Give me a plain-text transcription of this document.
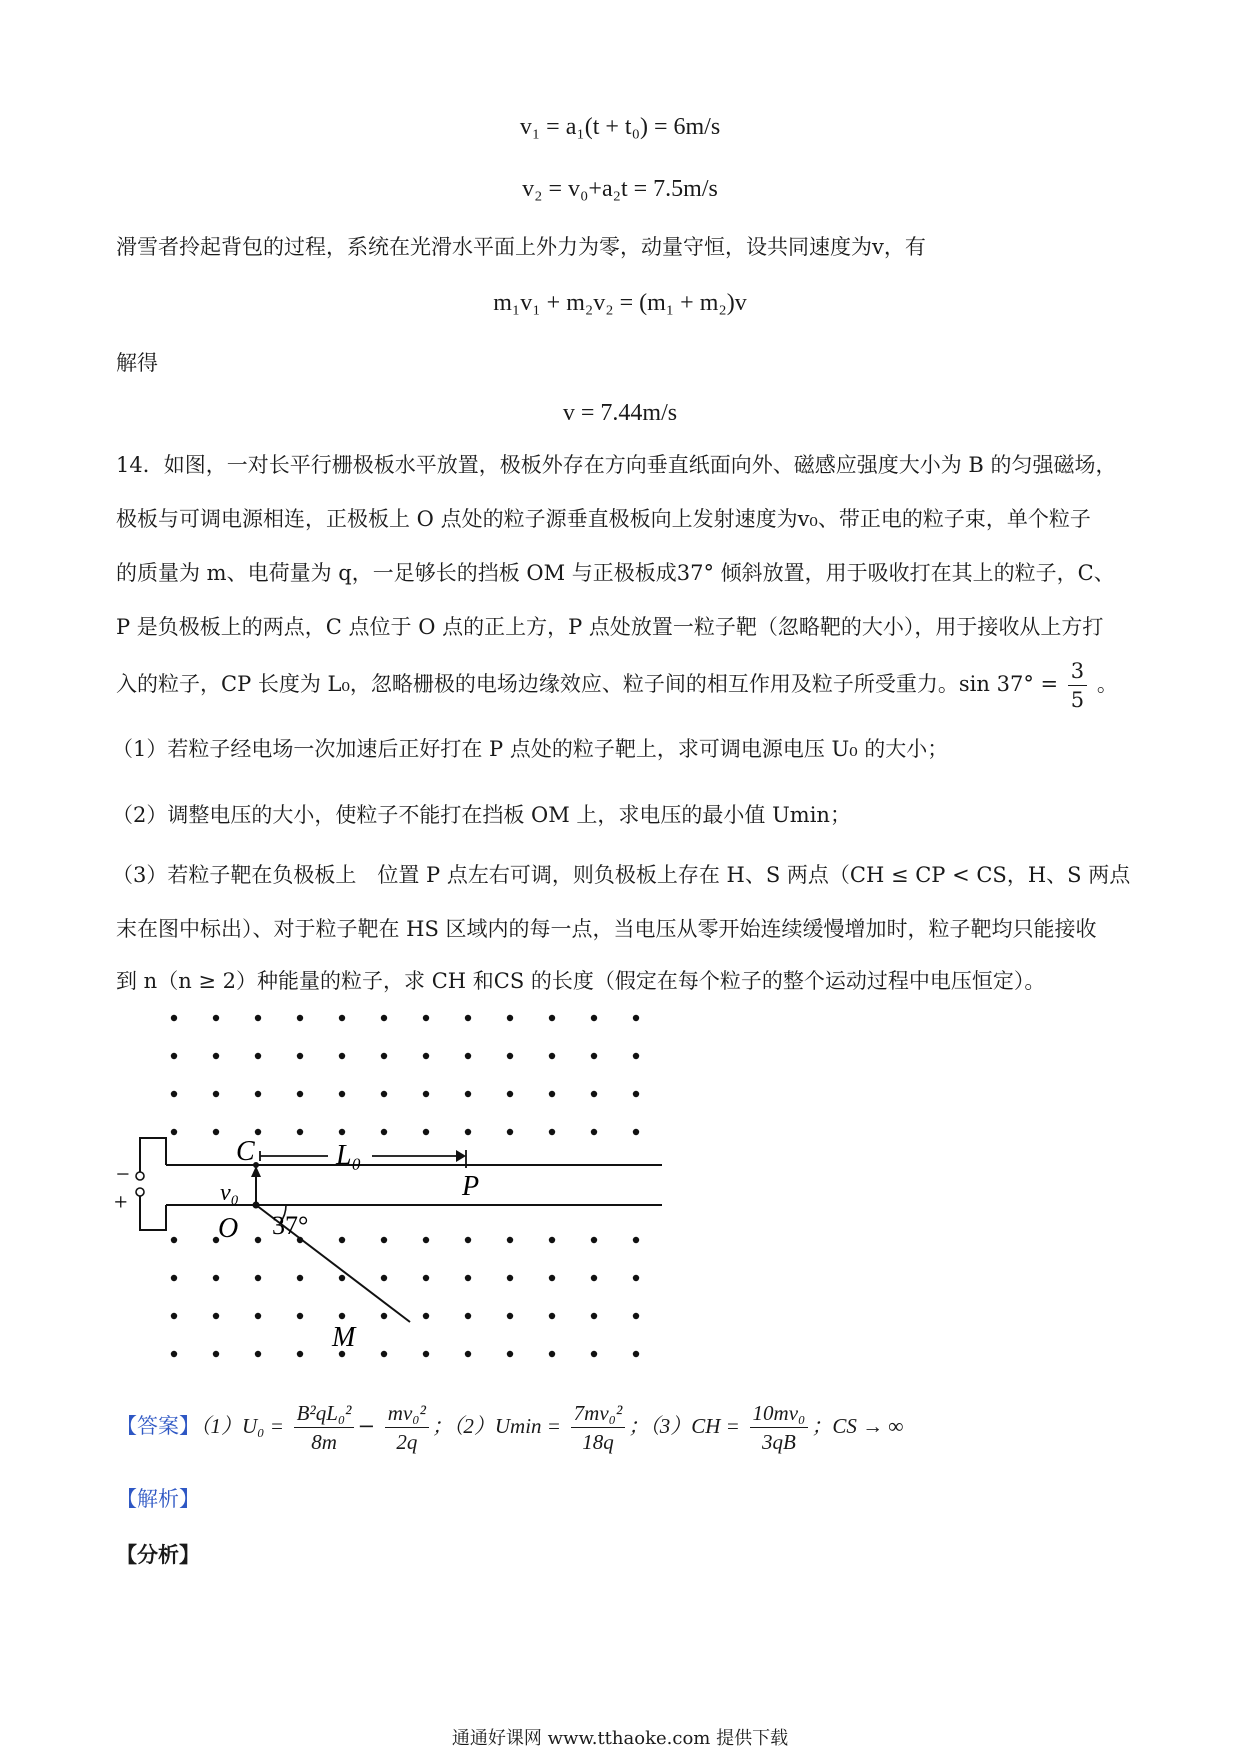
v₁ = a₁(t + t₀) = 6m/s
v₂ = v₀+a₂t = 7.5m/s
滑雪者拎起背包的过程，系统在光滑水平面上外力为零，动量守恒，设共同速度为v，有
m₁v₁ + m₂v₂ = (m₁ + m₂)v
解得
v = 7.44m/s
14．如图，一对长平行栅极板水平放置，极板外存在方向垂直纸面向外、磁感应强度大小为 B 的匀强磁场，
极板与可调电源相连，正极板上 O 点处的粒子源垂直极板向上发射速度为v₀、带正电的粒子束，单个粒子
的质量为 m、电荷量为 q，一足够长的挡板 OM 与正极板成37° 倾斜放置，用于吸收打在其上的粒子，C、
P 是负极板上的两点，C 点位于 O 点的正上方，P 点处放置一粒子靶（忽略靶的大小），用于接收从上方打
入的粒子，CP 长度为 L₀，忽略栅极的电场边缘效应、粒子间的相互作用及粒子所受重力。$\sin 37^\circ = \frac{3}{5}$ 。
（1）若粒子经电场一次加速后正好打在 P 点处的粒子靶上，求可调电源电压 U₀ 的大小；
（2）调整电压的大小，使粒子不能打在挡板 OM 上，求电压的最小值 Umin；
（3）若粒子靶在负极板上　位置 P 点左右可调，则负极板上存在 H、S 两点（CH ≤ CP < CS，H、S 两点
末在图中标出）、对于粒子靶在 HS 区域内的每一点，当电压从零开始连续缓慢增加时，粒子靶均只能接收
到 n（n ≥ 2）种能量的粒子，求 CH 和CS 的长度（假定在每个粒子的整个运动过程中电压恒定）。
−
+
C	L₀
P
v₀
O 37°
M
【答案】$(1)U_0 = \frac{\text{B²qL₀²}}{8m} - \frac{\text{mv₀²}}{2q}$ ；$(2)Umin = \frac{\text{7mv₀²}}{18q}$ ；$(3)CH = \frac{\text{10mv₀}}{3qB}$ ；CS → ∞
【解析】
【分析】
通通好课网 www.tthaoke.com 提供下载
